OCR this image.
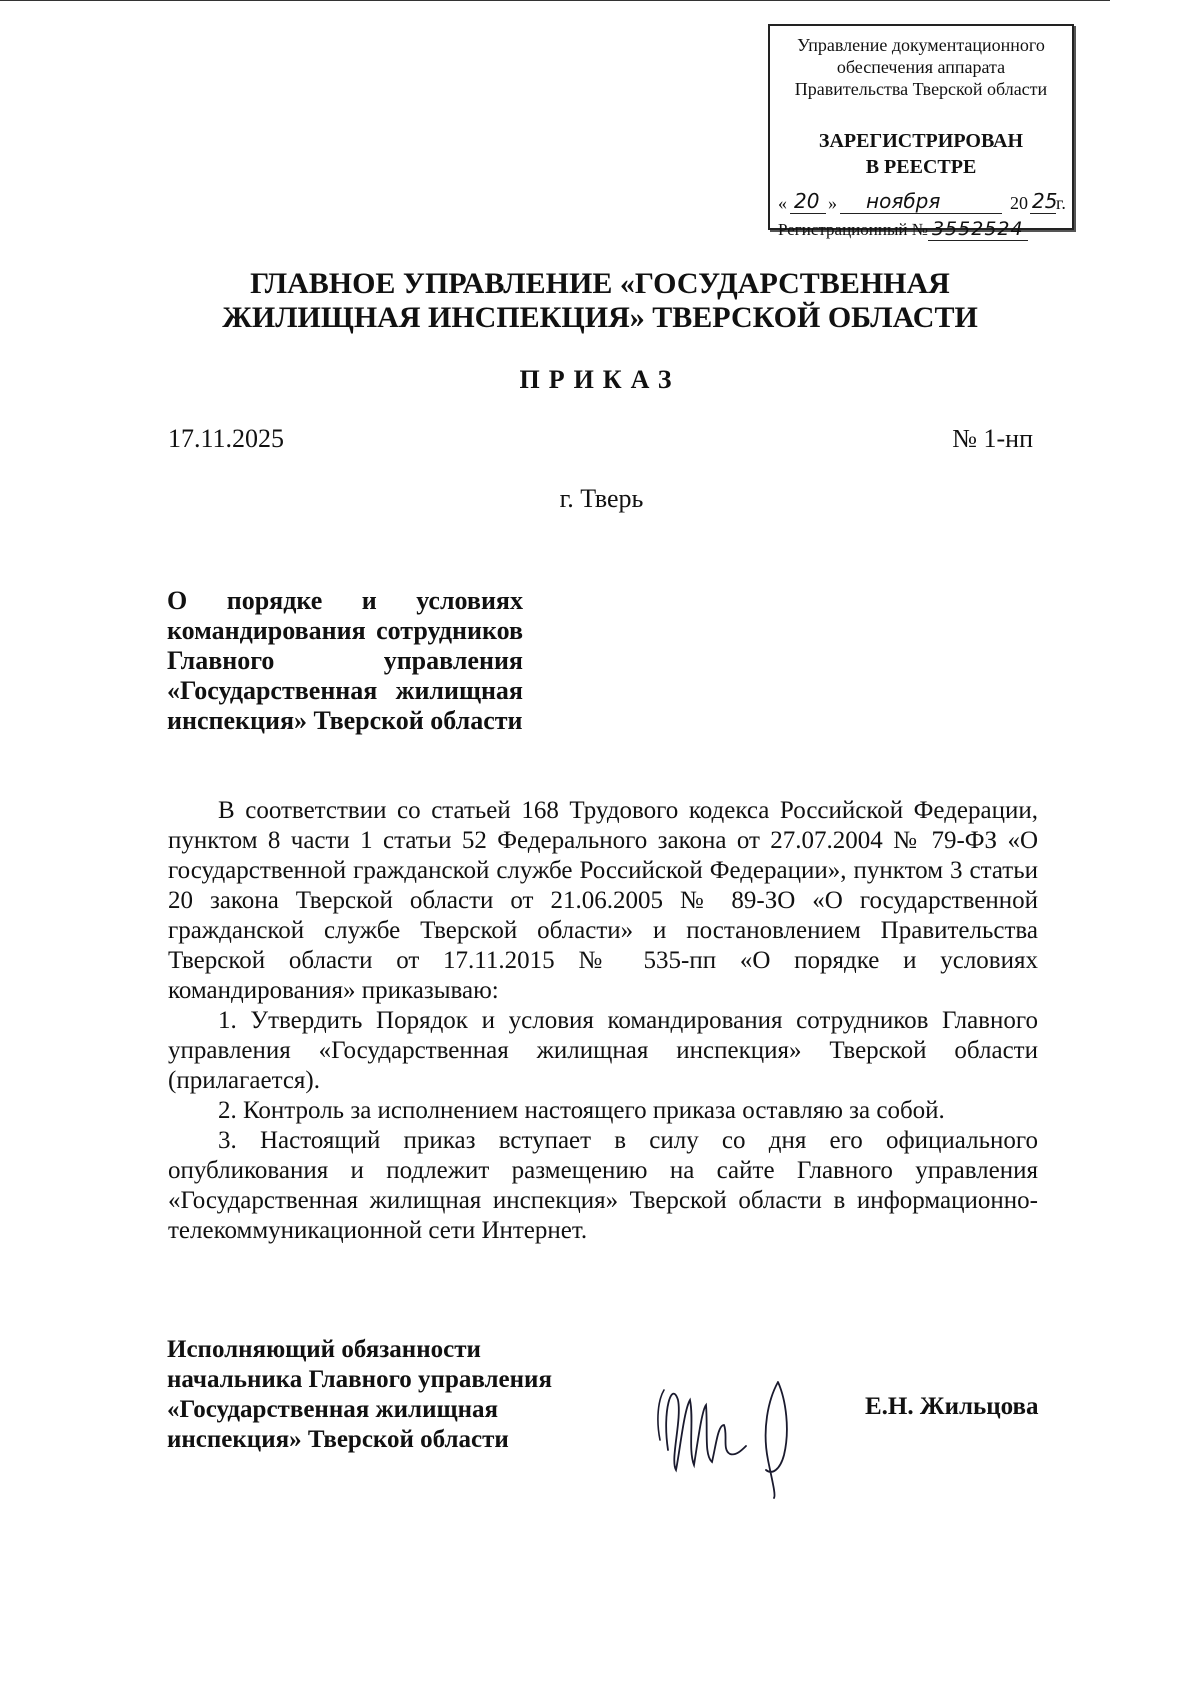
Управление документационного
обеспечения аппарата
Правительства Тверской области
ЗАРЕГИСТРИРОВАН
В РЕЕСТРЕ
« 20 » ноября	20 25
г.
Регистрационный № 3552524
ГЛАВНОЕ УПРАВЛЕНИЕ «ГОСУДАРСТВЕННАЯ
ЖИЛИЩНАЯ ИНСПЕКЦИЯ» ТВЕРСКОЙ ОБЛАСТИ
ПРИКАЗ
17.11.2025	№ 1-нп
г. Тверь
О порядке и условиях
командирования сотрудников
Главного управления
«Государственная жилищная
инспекция» Тверской области

В соответствии со статьей 168 Трудового кодекса Российской Федерации, пунктом 8 части 1 статьи 52 Федерального закона от 27.07.2004 № 79-ФЗ «О государственной гражданской службе Российской Федерации», пунктом 3 статьи 20 закона Тверской области от 21.06.2005 № 89-ЗО «О государственной гражданской службе Тверской области» и постановлением Правительства Тверской области от 17.11.2015 № 535-пп «О порядке и условиях командирования» приказываю:

1. Утвердить Порядок и условия командирования сотрудников Главного управления «Государственная жилищная инспекция» Тверской области (прилагается).

2. Контроль за исполнением настоящего приказа оставляю за собой.

3. Настоящий приказ вступает в силу со дня его официального опубликования и подлежит размещению на сайте Главного управления «Государственная жилищная инспекция» Тверской области в информационно-телекоммуникационной сети Интернет.

Исполняющий обязанности
начальника Главного управления
«Государственная жилищная
инспекция» Тверской области
Е.Н. Жильцова
